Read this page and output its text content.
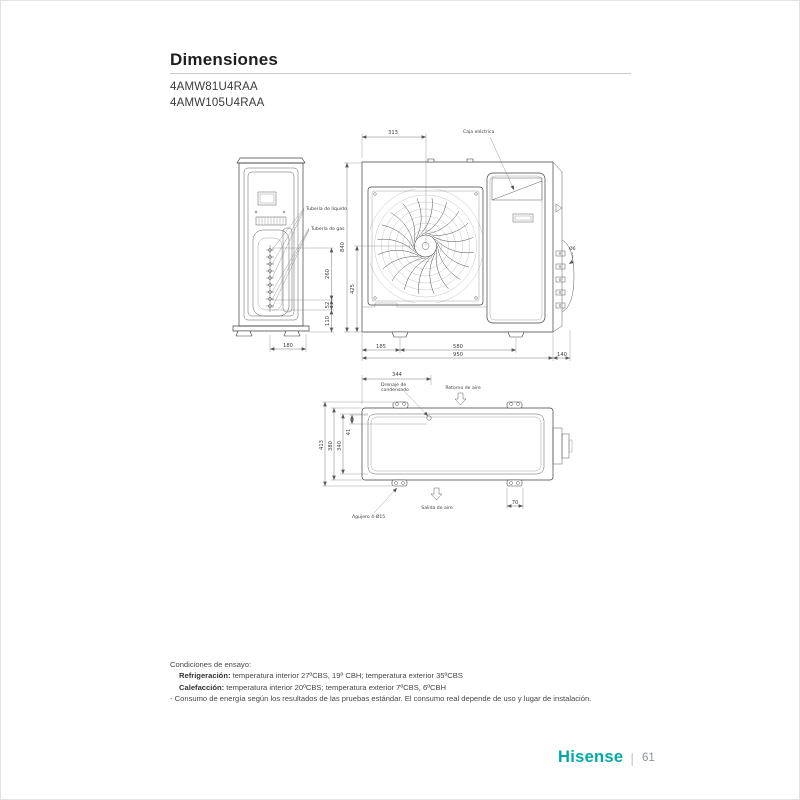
Dimensiones
4AMW81U4RAA
4AMW105U4RAA
Tubería de líquido
Tubería de gas
260
52
110
180
Ø6
313	Caja eléctrica
840
425
185	580
950	140
344
Drenaje de
condensado	Retorno de aire
41
340
380
413
Salida de aire
Agujero 4-Ø15
70
Condiciones de ensayo:
Refrigeración: temperatura interior 27ºCBS, 19º CBH; temperatura exterior 35ºCBS
Calefacción: temperatura interior 20ºCBS; temperatura exterior 7ºCBS, 6ºCBH
- Consumo de energía según los resultados de las pruebas estándar. El consumo real depende de uso y lugar de instalación.
Hisense | 61
